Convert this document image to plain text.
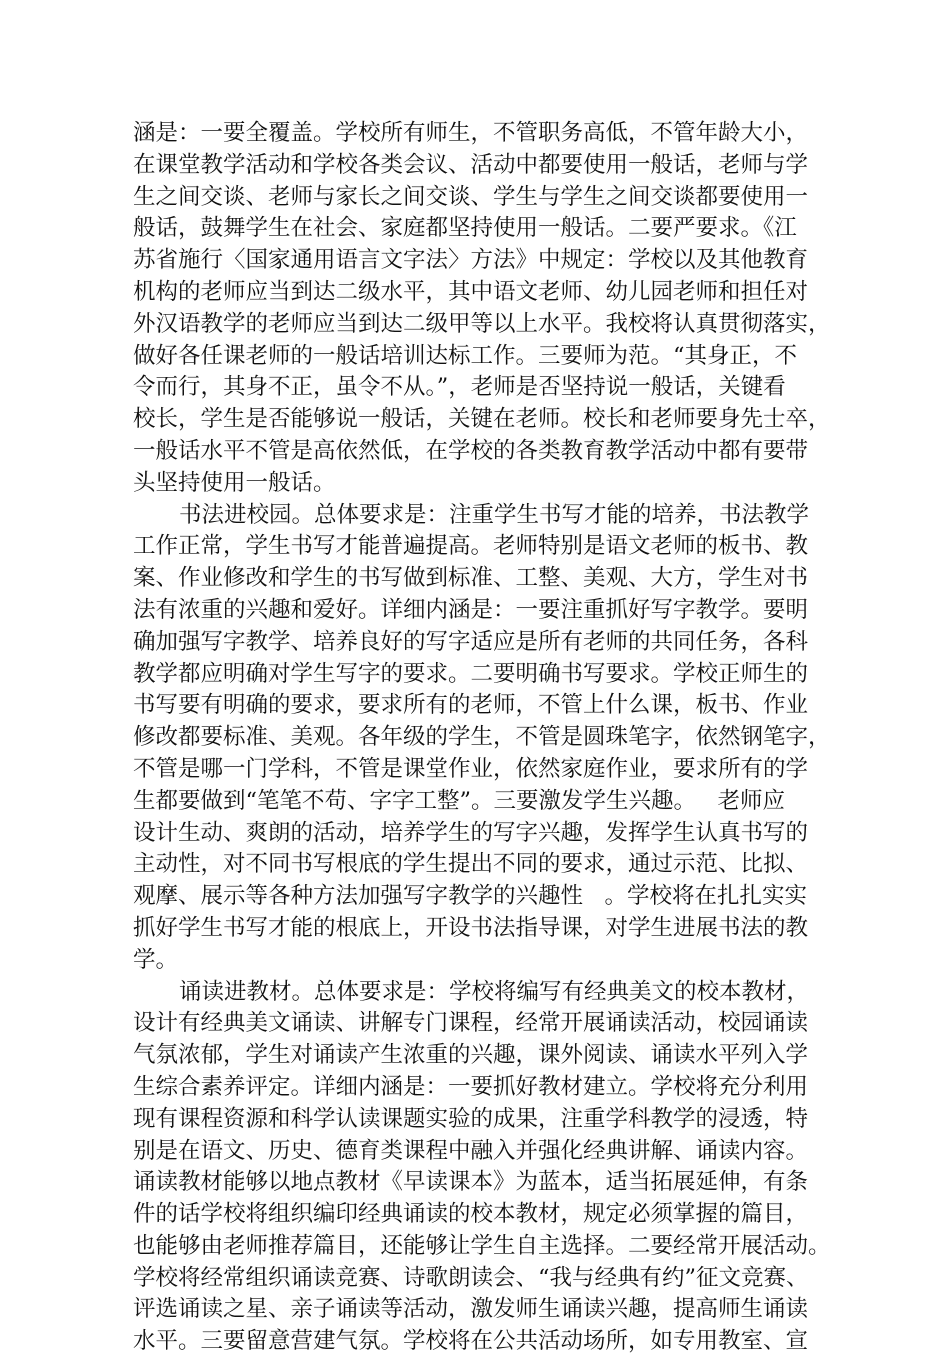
涵是：一要全覆盖。学校所有师生，不管职务高低，不管年龄大小，
在课堂教学活动和学校各类会议、活动中都要使用一般话，老师与学
生之间交谈、老师与家长之间交谈、学生与学生之间交谈都要使用一
般话，鼓舞学生在社会、家庭都坚持使用一般话。二要严要求。《江
苏省施行〈国家通用语言文字法〉方法》中规定：学校以及其他教育
机构的老师应当到达二级水平，其中语文老师、幼儿园老师和担任对
外汉语教学的老师应当到达二级甲等以上水平。我校将认真贯彻落实，
做好各任课老师的一般话培训达标工作。三要师为范。“其身正，不
令而行，其身不正，虽令不从。”，老师是否坚持说一般话，关键看
校长，学生是否能够说一般话，关键在老师。校长和老师要身先士卒，
一般话水平不管是高依然低，在学校的各类教育教学活动中都有要带
头坚持使用一般话。
书法进校园。总体要求是：注重学生书写才能的培养，书法教学
工作正常，学生书写才能普遍提高。老师特别是语文老师的板书、教
案、作业修改和学生的书写做到标准、工整、美观、大方，学生对书
法有浓重的兴趣和爱好。详细内涵是：一要注重抓好写字教学。要明
确加强写字教学、培养良好的写字适应是所有老师的共同任务，各科
教学都应明确对学生写字的要求。二要明确书写要求。学校正师生的
书写要有明确的要求，要求所有的老师，不管上什么课，板书、作业
修改都要标准、美观。各年级的学生，不管是圆珠笔字，依然钢笔字，
不管是哪一门学科，不管是课堂作业，依然家庭作业，要求所有的学
生都要做到“笔笔不苟、字字工整”。三要激发学生兴趣。   老师应
设计生动、爽朗的活动，培养学生的写字兴趣，发挥学生认真书写的
主动性，对不同书写根底的学生提出不同的要求，通过示范、比拟、
观摩、展示等各种方法加强写字教学的兴趣性   。学校将在扎扎实实
抓好学生书写才能的根底上，开设书法指导课，对学生进展书法的教
学。
诵读进教材。总体要求是：学校将编写有经典美文的校本教材，
设计有经典美文诵读、讲解专门课程，经常开展诵读活动，校园诵读
气氛浓郁，学生对诵读产生浓重的兴趣，课外阅读、诵读水平列入学
生综合素养评定。详细内涵是：一要抓好教材建立。学校将充分利用
现有课程资源和科学认读课题实验的成果，注重学科教学的浸透，特
别是在语文、历史、德育类课程中融入并强化经典讲解、诵读内容。
诵读教材能够以地点教材《早读课本》为蓝本，适当拓展延伸，有条
件的话学校将组织编印经典诵读的校本教材，规定必须掌握的篇目，
也能够由老师推荐篇目，还能够让学生自主选择。二要经常开展活动。
学校将经常组织诵读竞赛、诗歌朗读会、“我与经典有约”征文竞赛、
评选诵读之星、亲子诵读等活动，激发师生诵读兴趣，提高师生诵读
水平。三要留意营建气氛。学校将在公共活动场所，如专用教室、宣
